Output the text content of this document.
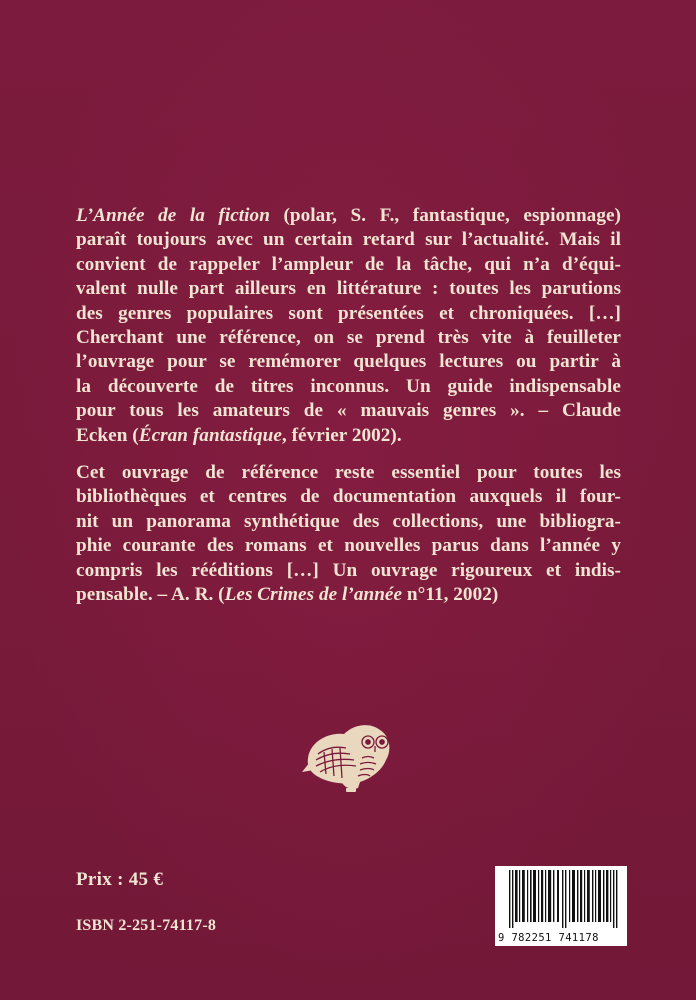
L’Année de la fiction (polar, S. F., fantastique, espionnage)
paraît toujours avec un certain retard sur l’actualité. Mais il
convient de rappeler l’ampleur de la tâche, qui n’a d’équi-
valent nulle part ailleurs en littérature : toutes les parutions
des genres populaires sont présentées et chroniquées. […]
Cherchant une référence, on se prend très vite à feuilleter
l’ouvrage pour se remémorer quelques lectures ou partir à
la découverte de titres inconnus. Un guide indispensable
pour tous les amateurs de « mauvais genres ». – Claude
Ecken (Écran fantastique, février 2002).
Cet ouvrage de référence reste essentiel pour toutes les
bibliothèques et centres de documentation auxquels il four-
nit un panorama synthétique des collections, une bibliogra-
phie courante des romans et nouvelles parus dans l’année y
compris les rééditions […] Un ouvrage rigoureux et indis-
pensable. – A. R. (Les Crimes de l’année n°11, 2002)
Prix : 45 €
ISBN 2-251-74117-8
9 782251 741178
